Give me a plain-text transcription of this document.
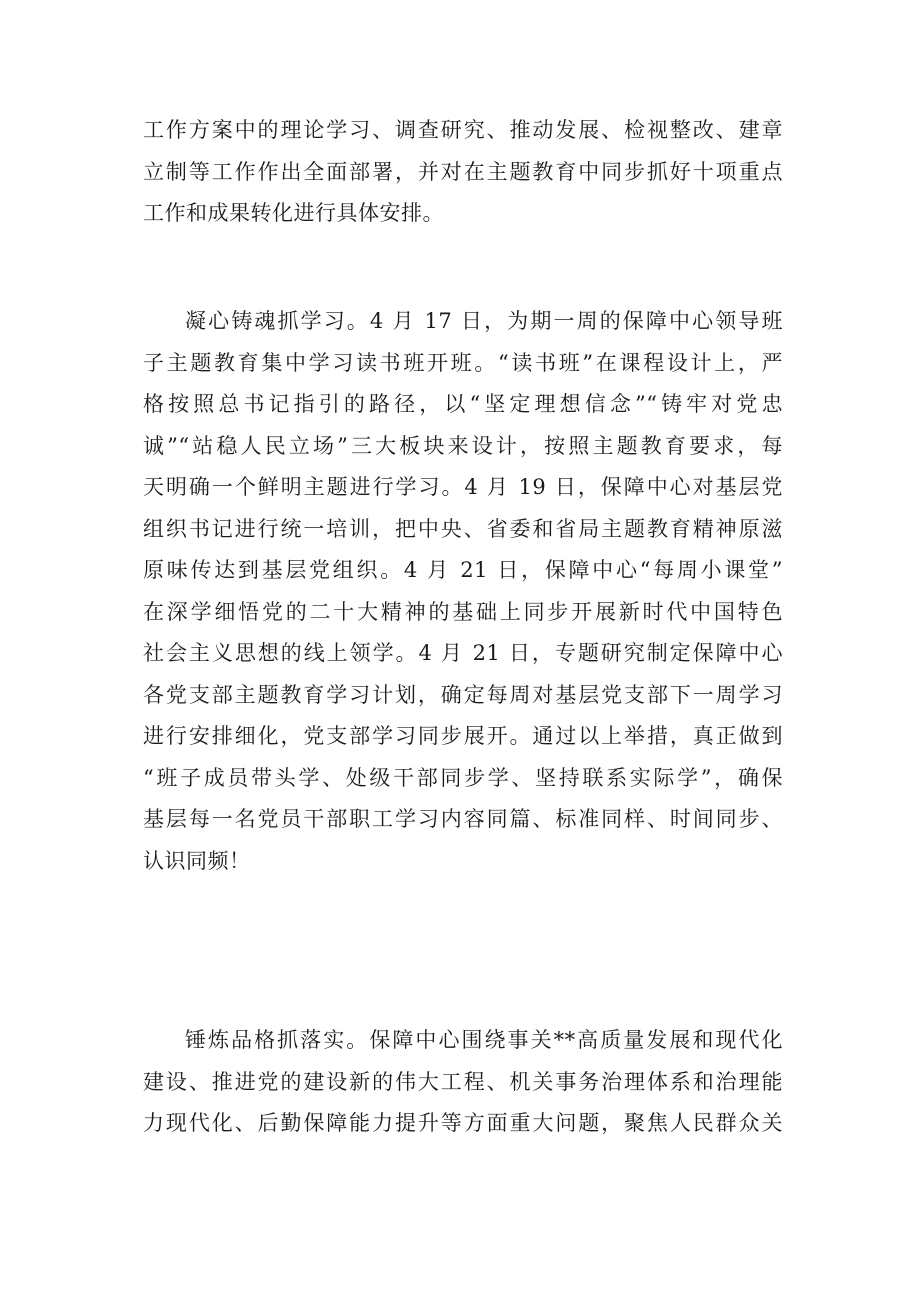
工作方案中的理论学习、调查研究、推动发展、检视整改、建章
立制等工作作出全面部署，并对在主题教育中同步抓好十项重点
工作和成果转化进行具体安排。
凝心铸魂抓学习。4 月 17 日，为期一周的保障中心领导班
子主题教育集中学习读书班开班。“读书班”在课程设计上，严
格按照总书记指引的路径，以“坚定理想信念”“铸牢对党忠
诚”“站稳人民立场”三大板块来设计，按照主题教育要求，每
天明确一个鲜明主题进行学习。4 月 19 日，保障中心对基层党
组织书记进行统一培训，把中央、省委和省局主题教育精神原滋
原味传达到基层党组织。4 月 21 日，保障中心“每周小课堂”
在深学细悟党的二十大精神的基础上同步开展新时代中国特色
社会主义思想的线上领学。4 月 21 日，专题研究制定保障中心
各党支部主题教育学习计划，确定每周对基层党支部下一周学习
进行安排细化，党支部学习同步展开。通过以上举措，真正做到
“班子成员带头学、处级干部同步学、坚持联系实际学”，确保
基层每一名党员干部职工学习内容同篇、标准同样、时间同步、
认识同频！
锤炼品格抓落实。保障中心围绕事关**高质量发展和现代化
建设、推进党的建设新的伟大工程、机关事务治理体系和治理能
力现代化、后勤保障能力提升等方面重大问题，聚焦人民群众关
